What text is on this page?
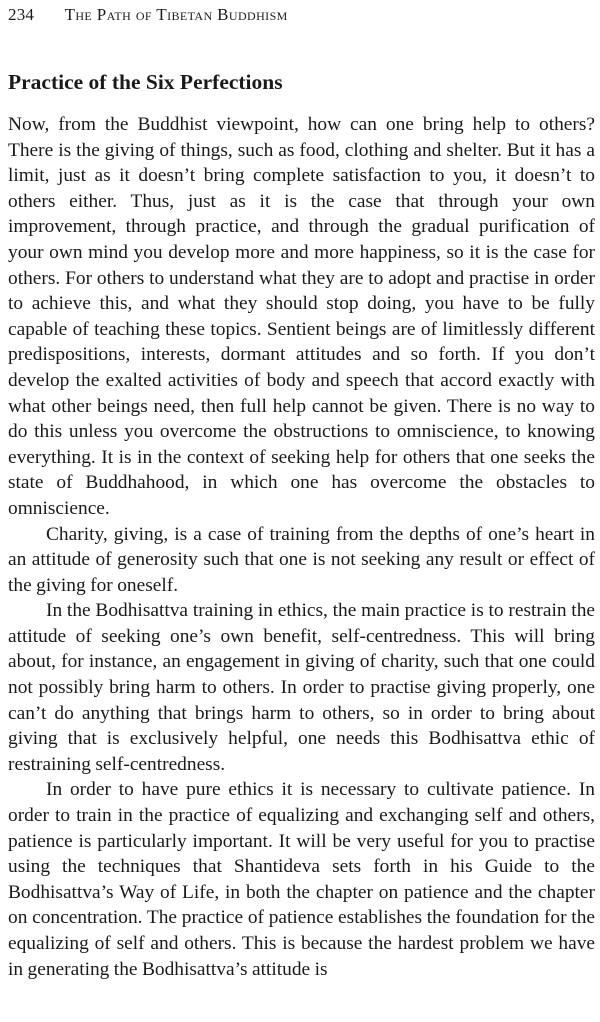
234 The Path of Tibetan Buddhism
Practice of the Six Perfections

Now, from the Buddhist viewpoint, how can one bring help to others? There is the giving of things, such as food, clothing and shelter. But it has a limit, just as it doesn’t bring complete satisfaction to you, it doesn’t to others either. Thus, just as it is the case that through your own improvement, through practice, and through the gradual purification of your own mind you develop more and more happiness, so it is the case for others. For others to understand what they are to adopt and practise in order to achieve this, and what they should stop doing, you have to be fully capable of teaching these topics. Sentient beings are of limitlessly different predispositions, interests, dormant attitudes and so forth. If you don’t develop the exalted activities of body and speech that accord exactly with what other beings need, then full help cannot be given. There is no way to do this unless you overcome the obstructions to omniscience, to knowing everything. It is in the context of seeking help for others that one seeks the state of Buddhahood, in which one has overcome the obstacles to omniscience.

Charity, giving, is a case of training from the depths of one’s heart in an attitude of generosity such that one is not seeking any result or effect of the giving for oneself.

In the Bodhisattva training in ethics, the main practice is to restrain the attitude of seeking one’s own benefit, self-centredness. This will bring about, for instance, an engagement in giving of charity, such that one could not possibly bring harm to others. In order to practise giving properly, one can’t do anything that brings harm to others, so in order to bring about giving that is exclusively helpful, one needs this Bodhisattva ethic of restraining self-centredness.

In order to have pure ethics it is necessary to cultivate patience. In order to train in the practice of equalizing and exchanging self and others, patience is particularly important. It will be very useful for you to practise using the techniques that Shantideva sets forth in his Guide to the Bodhisattva’s Way of Life, in both the chapter on patience and the chapter on concentration. The practice of patience establishes the foundation for the equalizing of self and others. This is because the hardest problem we have in generating the Bodhisattva’s attitude is
